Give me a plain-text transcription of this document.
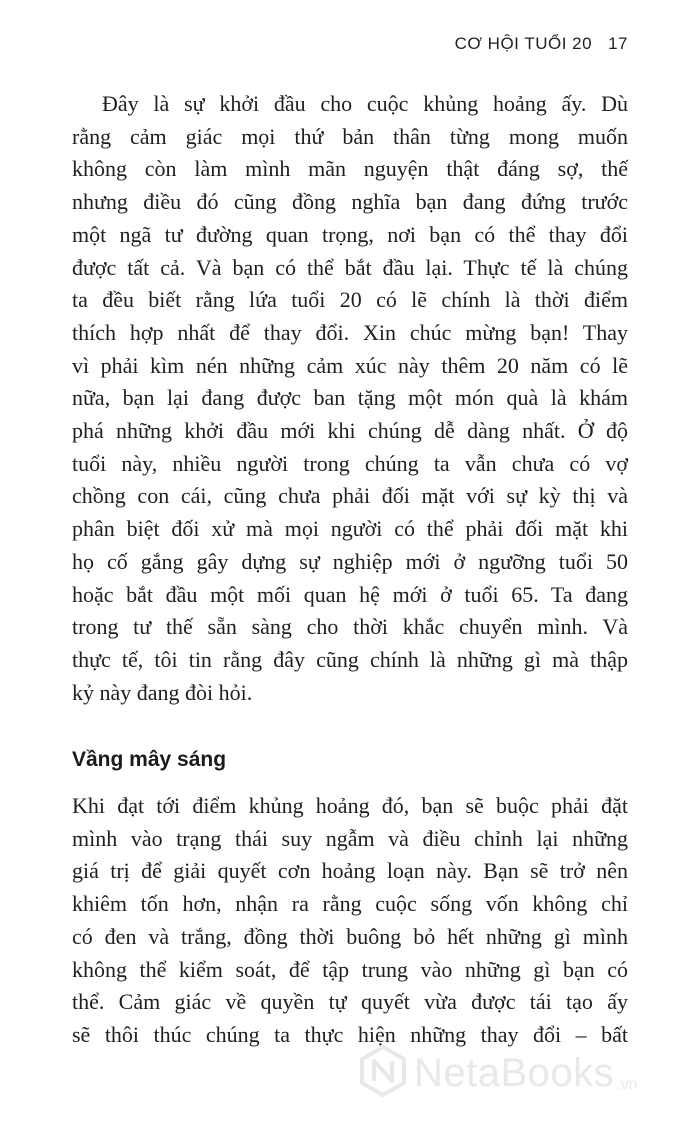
CƠ HỘI TUỔI 20 17
Đây là sự khởi đầu cho cuộc khủng hoảng ấy. Dù
rằng cảm giác mọi thứ bản thân từng mong muốn
không còn làm mình mãn nguyện thật đáng sợ, thế
nhưng điều đó cũng đồng nghĩa bạn đang đứng trước
một ngã tư đường quan trọng, nơi bạn có thể thay đổi
được tất cả. Và bạn có thể bắt đầu lại. Thực tế là chúng
ta đều biết rằng lứa tuổi 20 có lẽ chính là thời điểm
thích hợp nhất để thay đổi. Xin chúc mừng bạn! Thay
vì phải kìm nén những cảm xúc này thêm 20 năm có lẽ
nữa, bạn lại đang được ban tặng một món quà là khám
phá những khởi đầu mới khi chúng dễ dàng nhất. Ở độ
tuổi này, nhiều người trong chúng ta vẫn chưa có vợ
chồng con cái, cũng chưa phải đối mặt với sự kỳ thị và
phân biệt đối xử mà mọi người có thể phải đối mặt khi
họ cố gắng gây dựng sự nghiệp mới ở ngưỡng tuổi 50
hoặc bắt đầu một mối quan hệ mới ở tuổi 65. Ta đang
trong tư thế sẵn sàng cho thời khắc chuyển mình. Và
thực tế, tôi tin rằng đây cũng chính là những gì mà thập
kỷ này đang đòi hỏi.
Vầng mây sáng
Khi đạt tới điểm khủng hoảng đó, bạn sẽ buộc phải đặt
mình vào trạng thái suy ngẫm và điều chỉnh lại những
giá trị để giải quyết cơn hoảng loạn này. Bạn sẽ trở nên
khiêm tốn hơn, nhận ra rằng cuộc sống vốn không chỉ
có đen và trắng, đồng thời buông bỏ hết những gì mình
không thể kiểm soát, để tập trung vào những gì bạn có
thể. Cảm giác về quyền tự quyết vừa được tái tạo ấy
sẽ thôi thúc chúng ta thực hiện những thay đổi – bất
NetaBooks .vn
